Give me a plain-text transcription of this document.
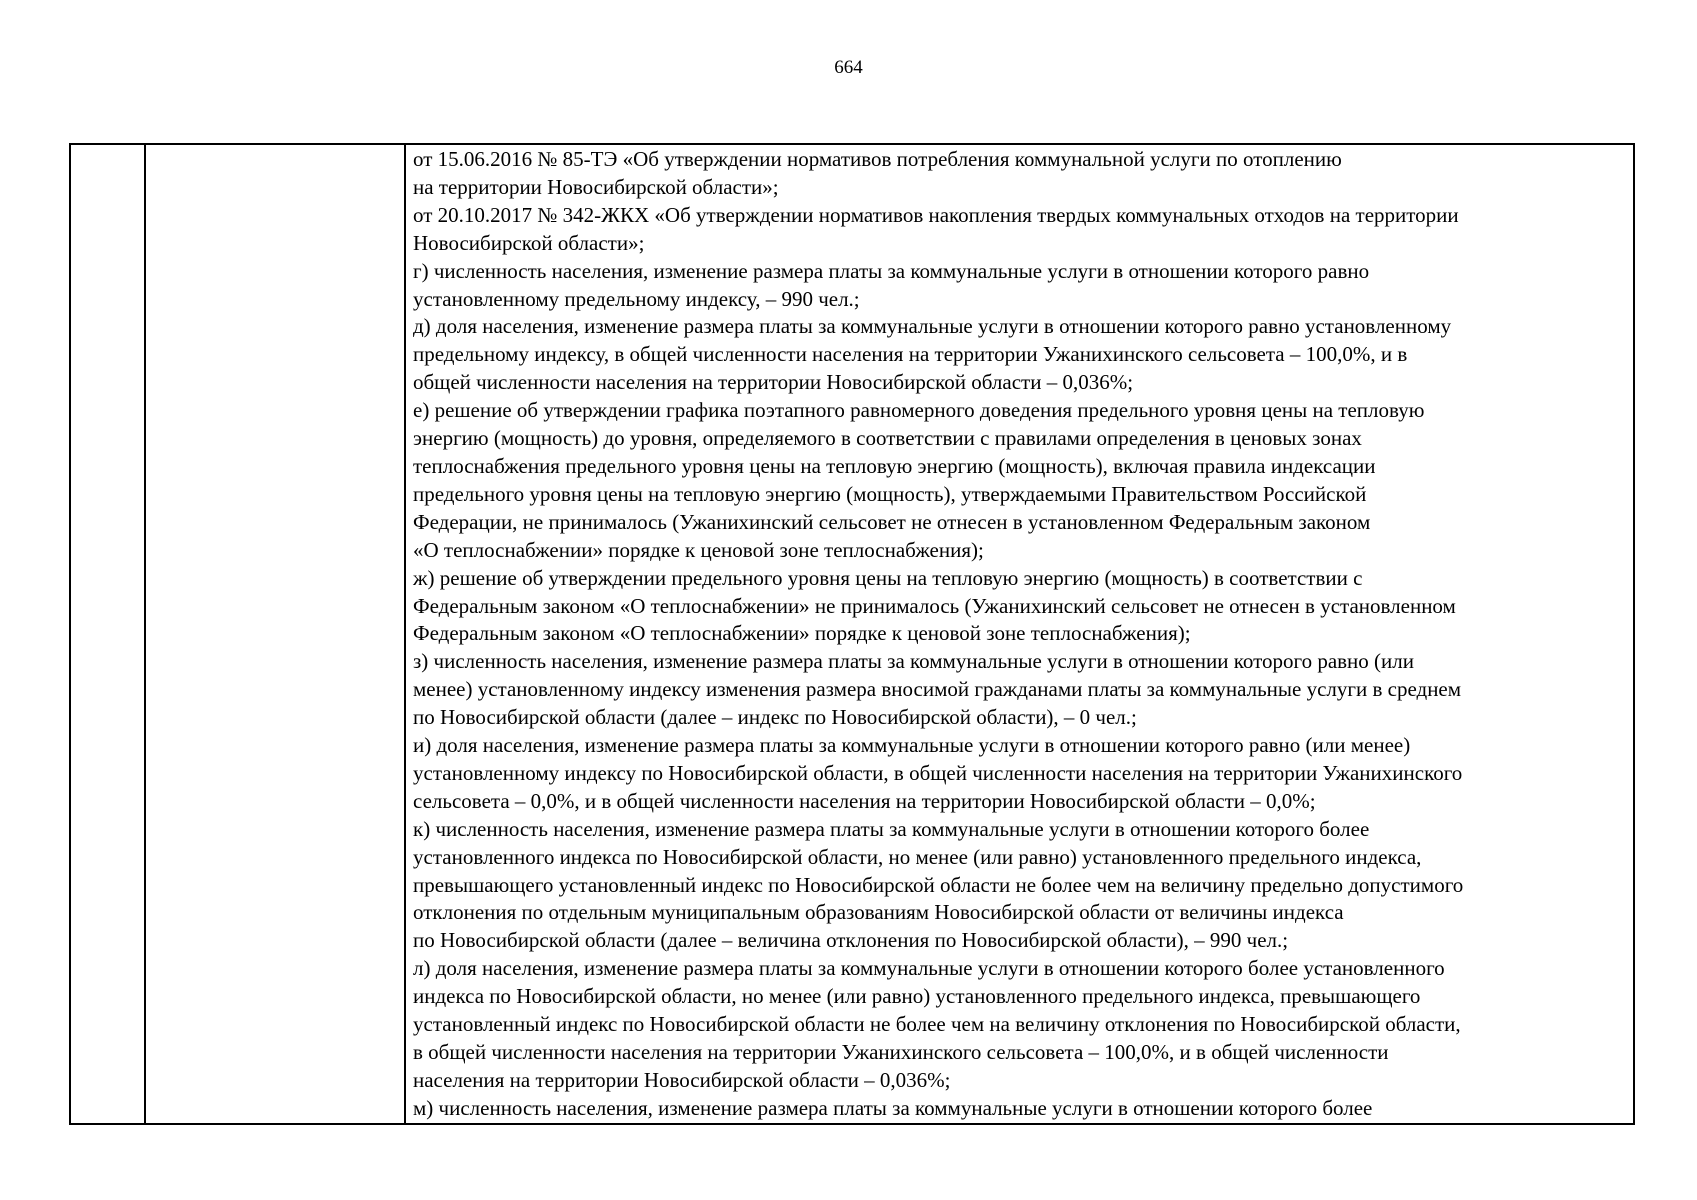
664

от 15.06.2016 № 85-ТЭ «Об утверждении нормативов потребления коммунальной услуги по отоплению
на территории Новосибирской области»;

от 20.10.2017 № 342-ЖКХ «Об утверждении нормативов накопления твердых коммунальных отходов на территории
Новосибирской области»;

г) численность населения, изменение размера платы за коммунальные услуги в отношении которого равно
установленному предельному индексу, – 990 чел.;

д) доля населения, изменение размера платы за коммунальные услуги в отношении которого равно установленному
предельному индексу, в общей численности населения на территории Ужанихинского сельсовета – 100,0%, и в
общей численности населения на территории Новосибирской области – 0,036%;

е) решение об утверждении графика поэтапного равномерного доведения предельного уровня цены на тепловую
энергию (мощность) до уровня, определяемого в соответствии с правилами определения в ценовых зонах
теплоснабжения предельного уровня цены на тепловую энергию (мощность), включая правила индексации
предельного уровня цены на тепловую энергию (мощность), утверждаемыми Правительством Российской
Федерации, не принималось (Ужанихинский сельсовет не отнесен в установленном Федеральным законом
«О теплоснабжении» порядке к ценовой зоне теплоснабжения);

ж) решение об утверждении предельного уровня цены на тепловую энергию (мощность) в соответствии с
Федеральным законом «О теплоснабжении» не принималось (Ужанихинский сельсовет не отнесен в установленном
Федеральным законом «О теплоснабжении» порядке к ценовой зоне теплоснабжения);

з) численность населения, изменение размера платы за коммунальные услуги в отношении которого равно (или
менее) установленному индексу изменения размера вносимой гражданами платы за коммунальные услуги в среднем
по Новосибирской области (далее – индекс по Новосибирской области), – 0 чел.;

и) доля населения, изменение размера платы за коммунальные услуги в отношении которого равно (или менее)
установленному индексу по Новосибирской области, в общей численности населения на территории Ужанихинского
сельсовета – 0,0%, и в общей численности населения на территории Новосибирской области – 0,0%;

к) численность населения, изменение размера платы за коммунальные услуги в отношении которого более
установленного индекса по Новосибирской области, но менее (или равно) установленного предельного индекса,
превышающего установленный индекс по Новосибирской области не более чем на величину предельно допустимого
отклонения по отдельным муниципальным образованиям Новосибирской области от величины индекса
по Новосибирской области (далее – величина отклонения по Новосибирской области), – 990 чел.;

л) доля населения, изменение размера платы за коммунальные услуги в отношении которого более установленного
индекса по Новосибирской области, но менее (или равно) установленного предельного индекса, превышающего
установленный индекс по Новосибирской области не более чем на величину отклонения по Новосибирской области,
в общей численности населения на территории Ужанихинского сельсовета – 100,0%, и в общей численности
населения на территории Новосибирской области – 0,036%;

м) численность населения, изменение размера платы за коммунальные услуги в отношении которого более
